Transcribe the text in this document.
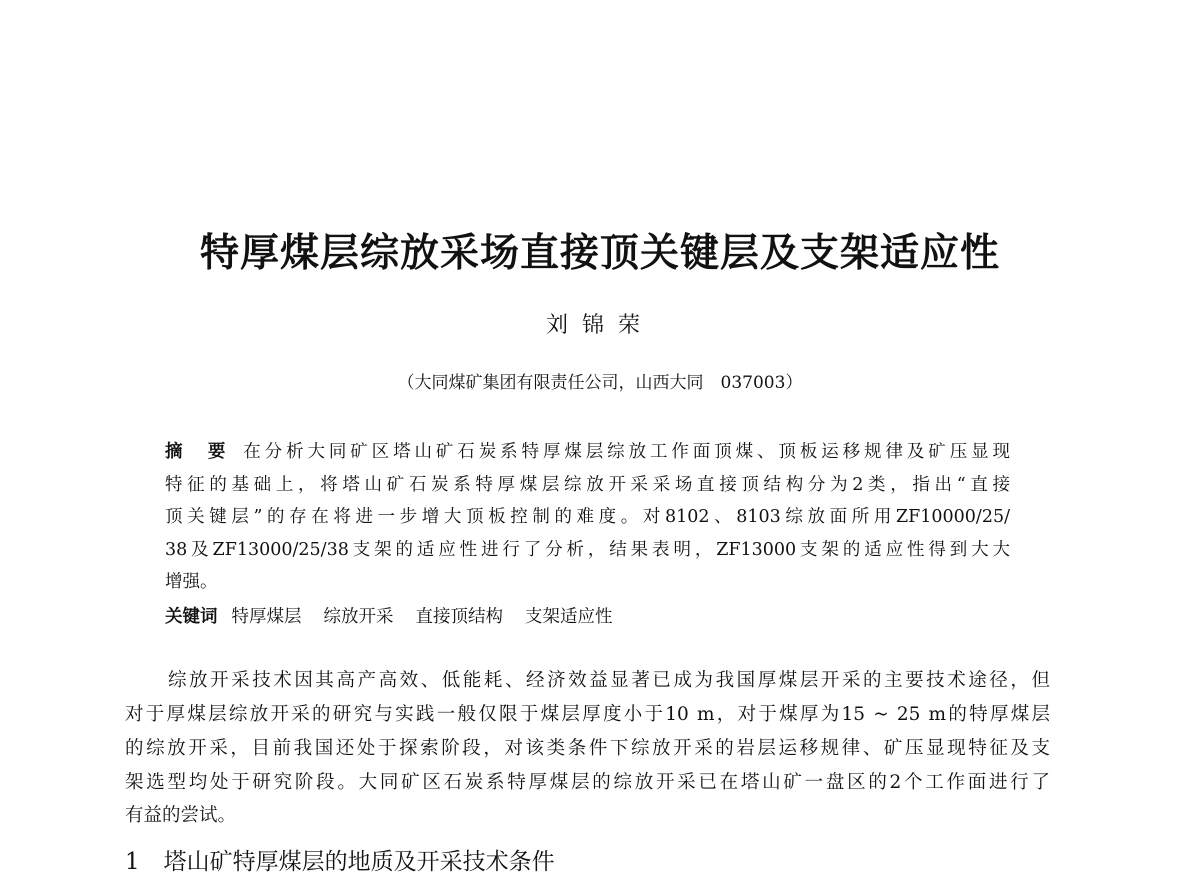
特厚煤层综放采场直接顶关键层及支架适应性
刘锦荣
（大同煤矿集团有限责任公司，山西大同　037003）
摘　要 在分析大同矿区塔山矿石炭系特厚煤层综放工作面顶煤、顶板运移规律及矿压显现
特征的基础上，将塔山矿石炭系特厚煤层综放开采采场直接顶结构分为2类，指出“直接
顶关键层”的存在将进一步增大顶板控制的难度。对8102、8103综放面所用ZF10000/25/
38及ZF13000/25/38支架的适应性进行了分析，结果表明，ZF13000支架的适应性得到大大
增强。
关键词 特厚煤层 综放开采 直接顶结构 支架适应性
综放开采技术因其高产高效、低能耗、经济效益显著已成为我国厚煤层开采的主要技术途径，但
对于厚煤层综放开采的研究与实践一般仅限于煤层厚度小于10 m，对于煤厚为15 ~ 25 m的特厚煤层
的综放开采，目前我国还处于探索阶段，对该类条件下综放开采的岩层运移规律、矿压显现特征及支
架选型均处于研究阶段。大同矿区石炭系特厚煤层的综放开采已在塔山矿一盘区的2个工作面进行了
有益的尝试。
1 塔山矿特厚煤层的地质及开采技术条件
